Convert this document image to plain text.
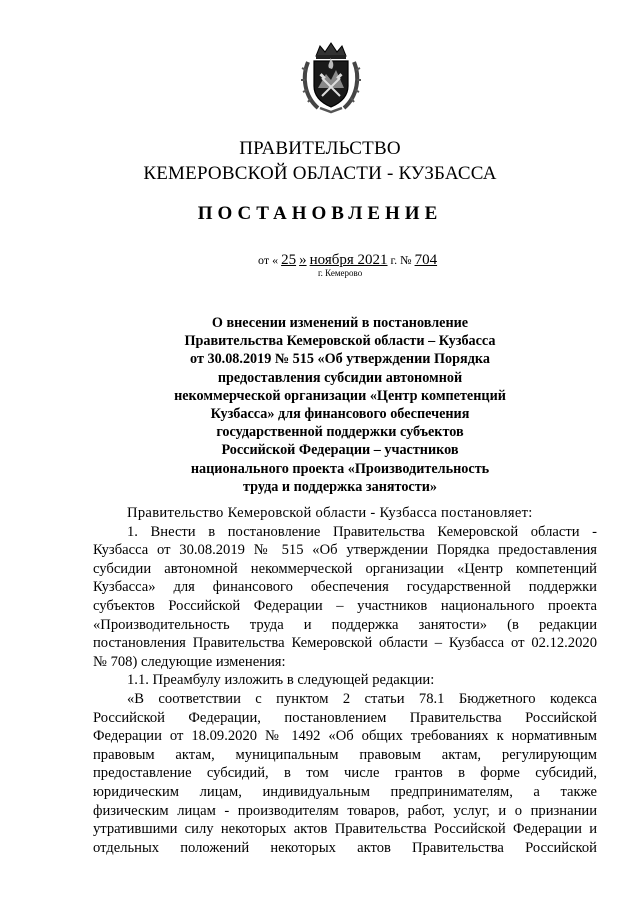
ПРАВИТЕЛЬСТВО
КЕМЕРОВСКОЙ ОБЛАСТИ - КУЗБАССА
ПОСТАНОВЛЕНИЕ
от « 25 » ноября 2021 г. № 704
г. Кемерово
О внесении изменений в постановление
Правительства Кемеровской области – Кузбасса
от 30.08.2019 № 515 «Об утверждении Порядка
предоставления субсидии автономной
некоммерческой организации «Центр компетенций
Кузбасса» для финансового обеспечения
государственной поддержки субъектов
Российской Федерации – участников
национального проекта «Производительность
труда и поддержка занятости»
Правительство Кемеровской области - Кузбасса постановляет:
1. Внести в постановление Правительства Кемеровской области -
Кузбасса от 30.08.2019 № 515 «Об утверждении Порядка предоставления
субсидии автономной некоммерческой организации «Центр компетенций
Кузбасса» для финансового обеспечения государственной поддержки
субъектов Российской Федерации – участников национального проекта
«Производительность труда и поддержка занятости» (в редакции
постановления Правительства Кемеровской области – Кузбасса от 02.12.2020
№ 708) следующие изменения:
1.1. Преамбулу изложить в следующей редакции:
«В соответствии с пунктом 2 статьи 78.1 Бюджетного кодекса
Российской Федерации, постановлением Правительства Российской
Федерации от 18.09.2020 № 1492 «Об общих требованиях к нормативным
правовым актам, муниципальным правовым актам, регулирующим
предоставление субсидий, в том числе грантов в форме субсидий,
юридическим лицам, индивидуальным предпринимателям, а также
физическим лицам - производителям товаров, работ, услуг, и о признании
утратившими силу некоторых актов Правительства Российской Федерации и
отдельных положений некоторых актов Правительства Российской
